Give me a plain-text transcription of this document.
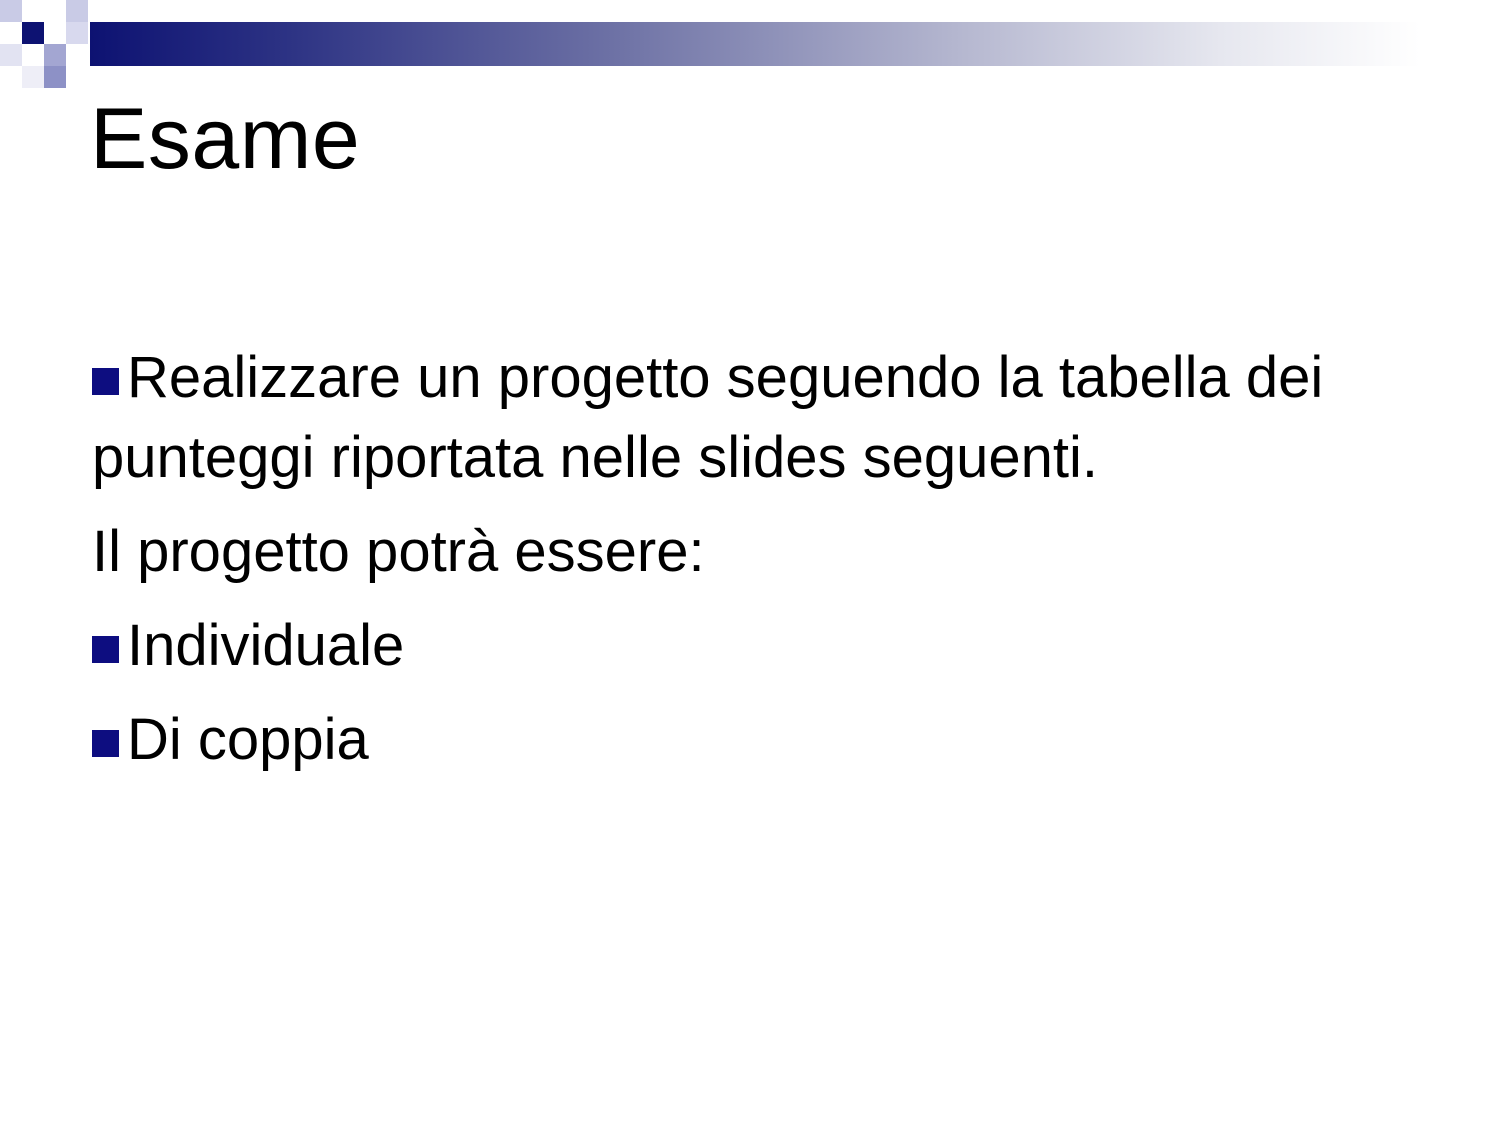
Esame

Realizzare un progetto seguendo la tabella dei punteggi riportata nelle slides seguenti.

Il progetto potrà essere:

Individuale

Di coppia
